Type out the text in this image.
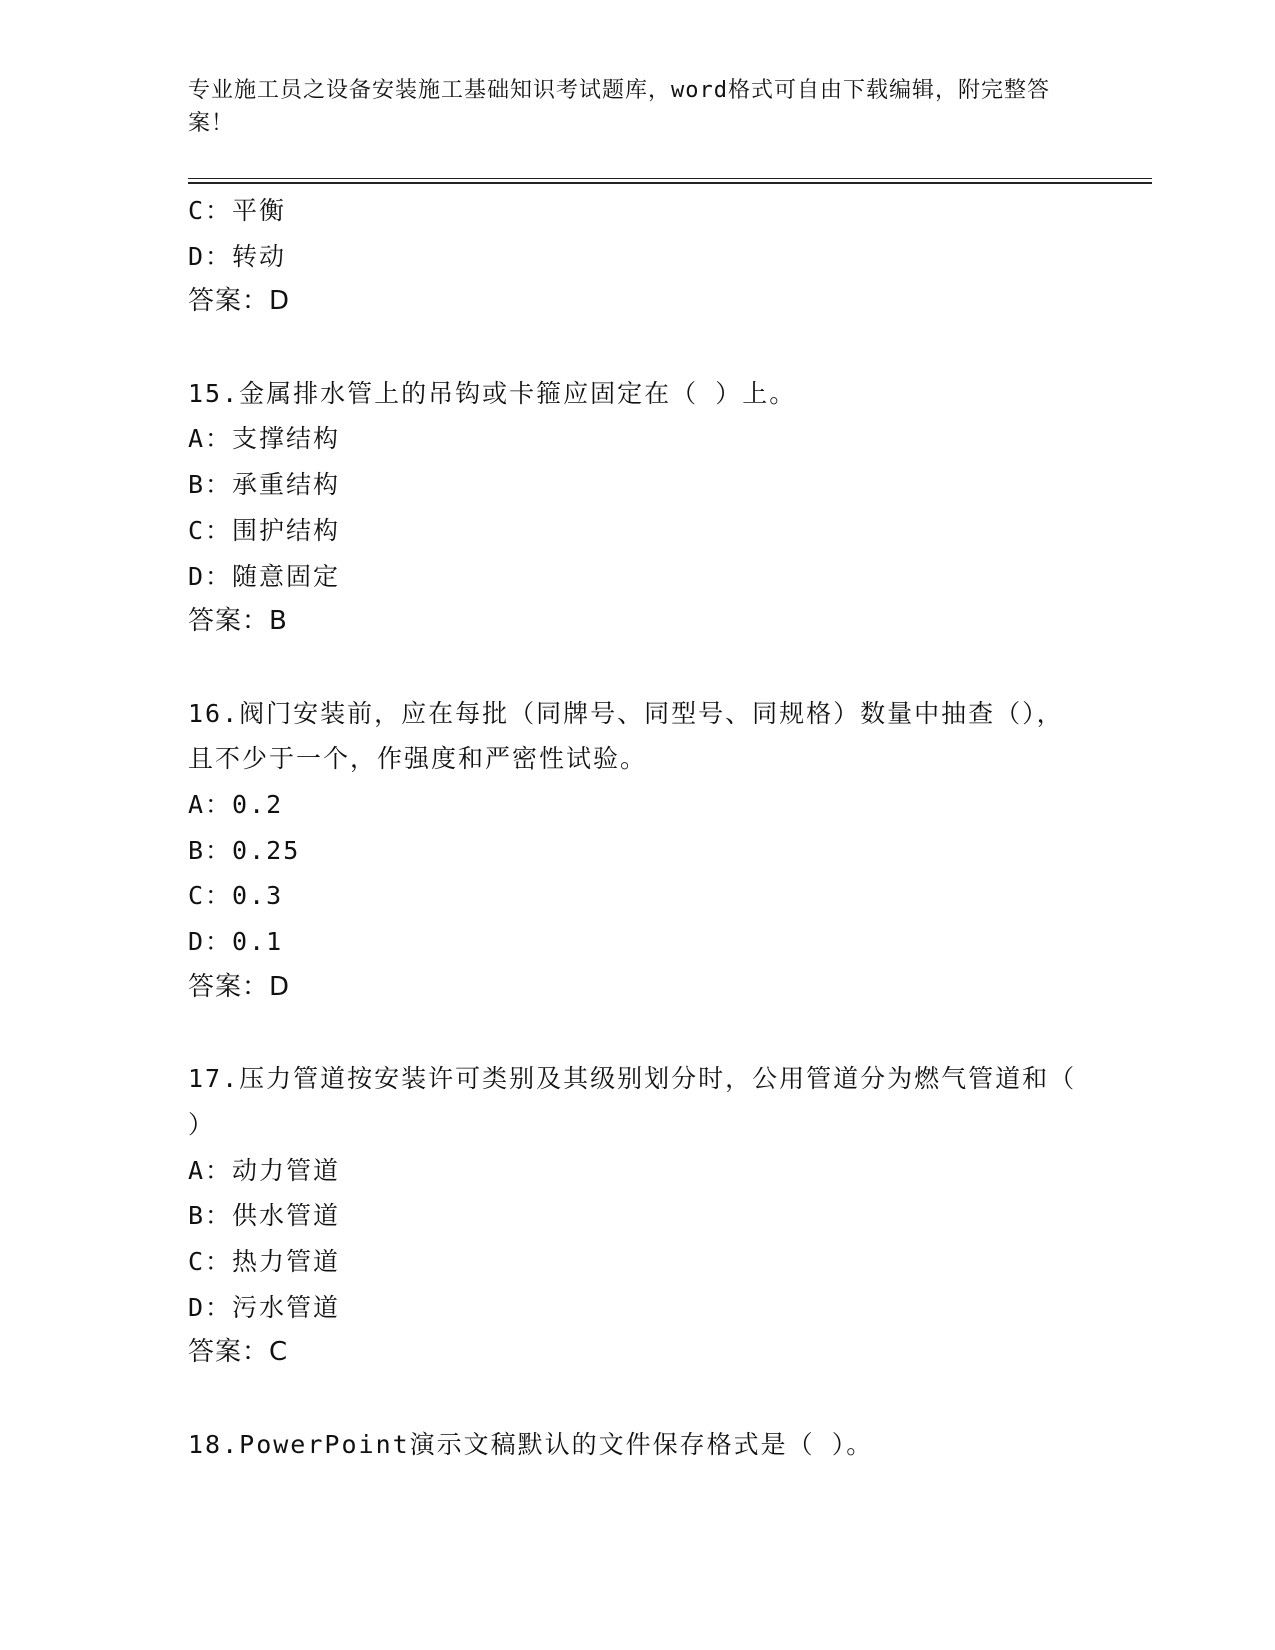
专业施工员之设备安装施工基础知识考试题库，word格式可自由下载编辑，附完整答案！
C：平衡
D：转动
答案：D
15.金属排水管上的吊钩或卡箍应固定在（ ）上。
A：支撑结构
B：承重结构
C：围护结构
D：随意固定
答案：B
16.阀门安装前，应在每批（同牌号、同型号、同规格）数量中抽查（），且不少于一个，作强度和严密性试验。
A：0.2
B：0.25
C：0.3
D：0.1
答案：D
17.压力管道按安装许可类别及其级别划分时，公用管道分为燃气管道和（ ）
A：动力管道
B：供水管道
C：热力管道
D：污水管道
答案：C
18.PowerPoint演示文稿默认的文件保存格式是（ ）。
